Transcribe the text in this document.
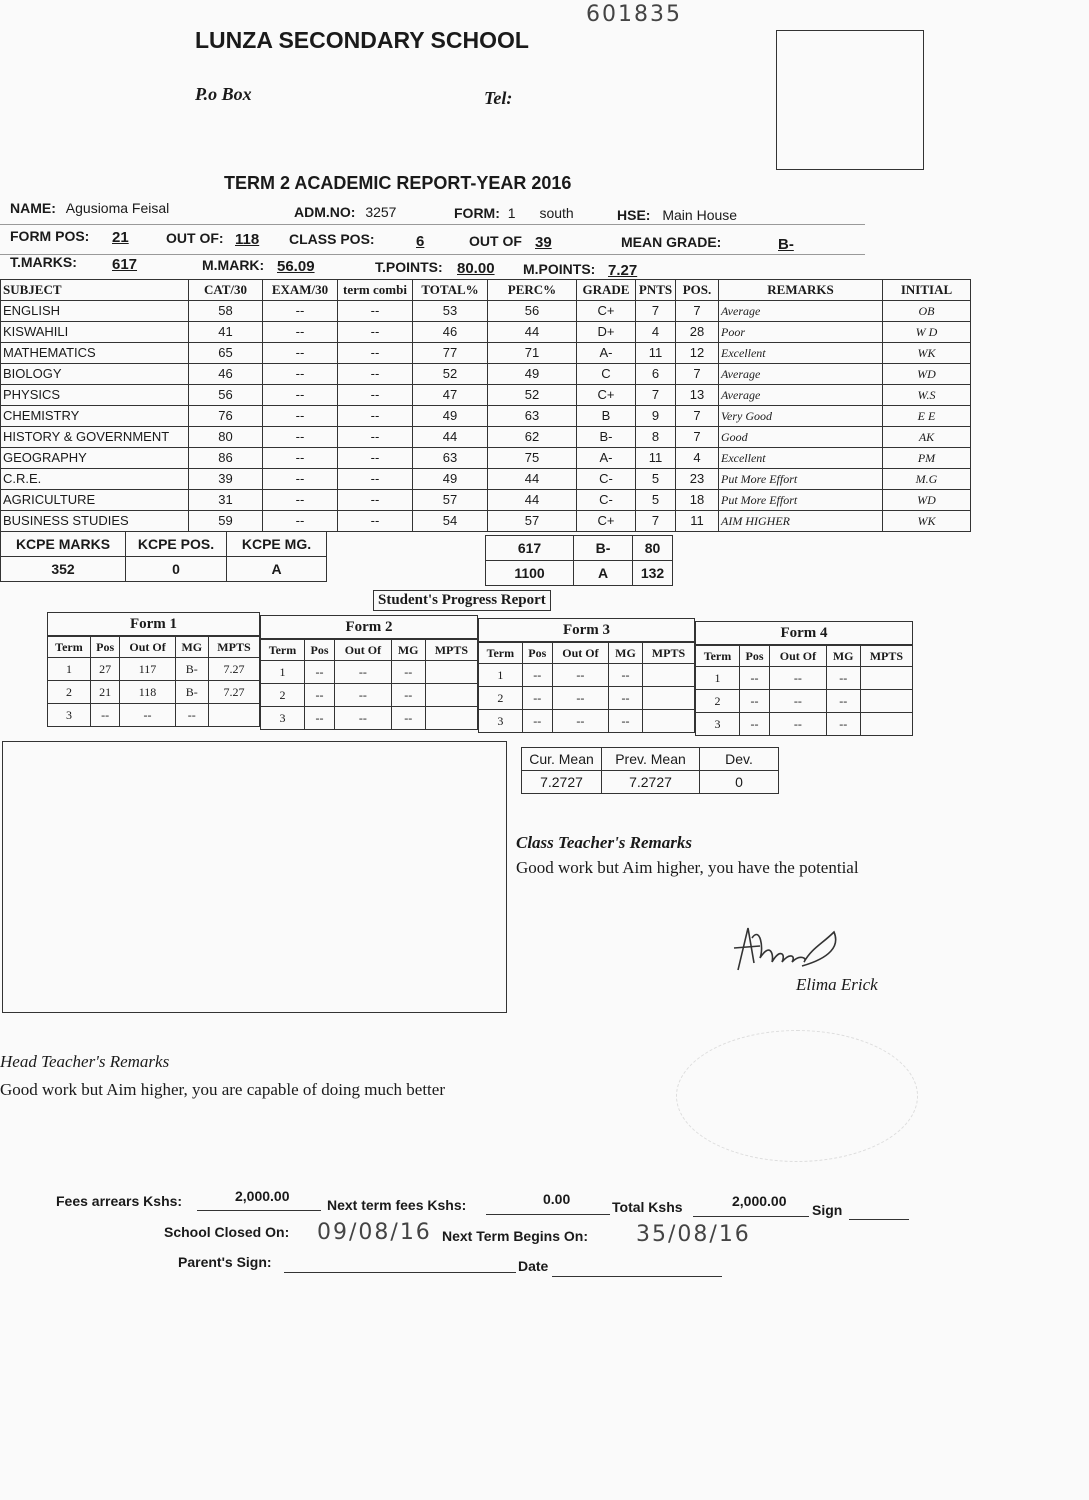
601835
LUNZA SECONDARY SCHOOL
P.o Box	Tel:
TERM 2 ACADEMIC REPORT-YEAR 2016
NAME: Agusioma Feisal	ADM.NO: 3257	FORM: 1 south	HSE: Main House
FORM POS: 21	OUT OF: 118 CLASS POS:	6	OUT OF 39	MEAN GRADE:	B-
T.MARKS: 617	M.MARK: 56.09	T.POINTS: 80.00 M.POINTS: 7.27
SUBJECT	CAT/30	EXAM/30	term combi	TOTAL%	PERC%	GRADE	PNTS	POS.	REMARKS	INITIAL
ENGLISH	58	--	--	53	56	C+	7	7	Average	OB
KISWAHILI	41	--	--	46	44	D+	4	28	Poor	W D
MATHEMATICS	65	--	--	77	71	A-	11	12	Excellent	WK
BIOLOGY	46	--	--	52	49	C	6	7	Average	WD
PHYSICS	56	--	--	47	52	C+	7	13	Average	W.S
CHEMISTRY	76	--	--	49	63	B	9	7	Very Good	E E
HISTORY & GOVERNMENT	80	--	--	44	62	B-	8	7	Good	AK
GEOGRAPHY	86	--	--	63	75	A-	11	4	Excellent	PM
C.R.E.	39	--	--	49	44	C-	5	23	Put More Effort	M.G
AGRICULTURE	31	--	--	57	44	C-	5	18	Put More Effort	WD
BUSINESS STUDIES	59	--	--	54	57	C+	7	11	AIM HIGHER	WK
KCPE MARKS	KCPE POS.	KCPE MG.
352	0	A
617	B-	80
1100	A	132
Student's Progress Report
Form 1
Term	Pos	Out Of	MG	MPTS
1	27	117	B-	7.27
2	21	118	B-	7.27
3	--	--	--	
Form 2
Term	Pos	Out Of	MG	MPTS
1	--	--	--	
2	--	--	--	
3	--	--	--	
Form 3
Term	Pos	Out Of	MG	MPTS
1	--	--	--	
2	--	--	--	
3	--	--	--	
Form 4
Term	Pos	Out Of	MG	MPTS
1	--	--	--	
2	--	--	--	
3	--	--	--	
Cur. Mean	Prev. Mean	Dev.
7.2727	7.2727	0
Class Teacher's Remarks
Good work but Aim higher, you have the potential
Elima Erick
Head Teacher's Remarks
Good work but Aim higher, you are capable of doing much better
Fees arrears Kshs:	2,000.00
Next term fees Kshs:	0.00	Total Kshs	2,000.00
Sign
School Closed On: 09/08/16 Next Term Begins On: 35/08/16
Parent's Sign:	Date
